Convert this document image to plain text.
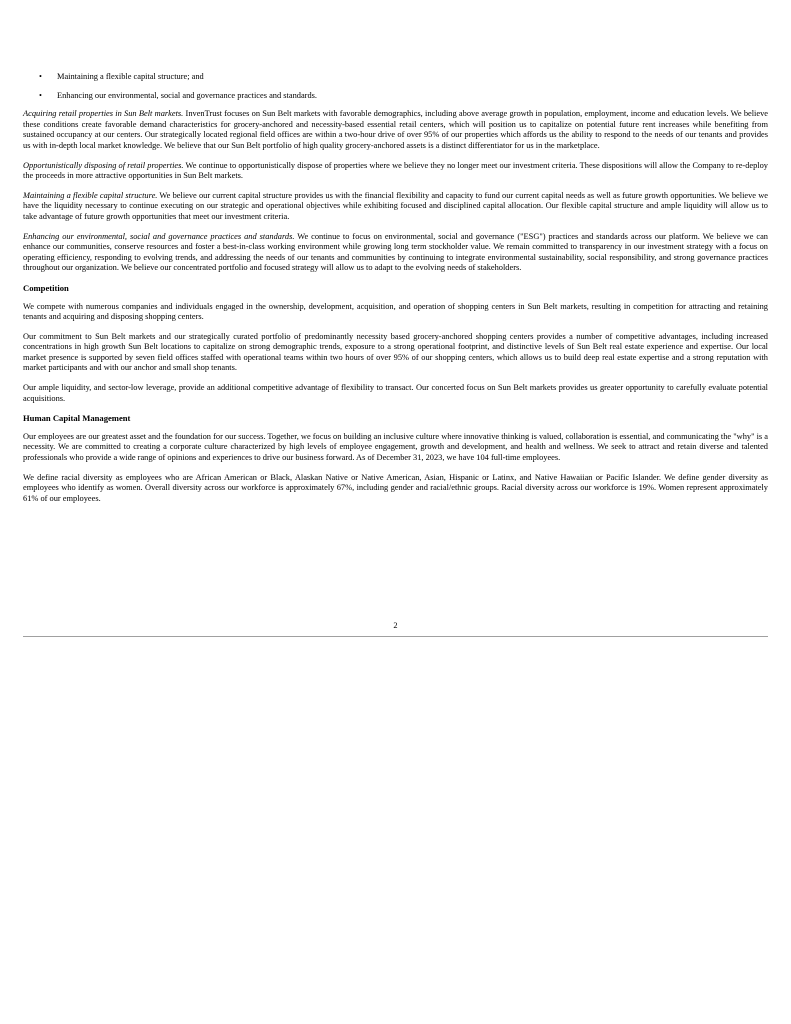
• Maintaining a flexible capital structure; and
• Enhancing our environmental, social and governance practices and standards.

Acquiring retail properties in Sun Belt markets. InvenTrust focuses on Sun Belt markets with favorable demographics, including above average growth in population, employment, income and education levels. We believe these conditions create favorable demand characteristics for grocery-anchored and necessity-based essential retail centers, which will position us to capitalize on potential future rent increases while benefiting from sustained occupancy at our centers. Our strategically located regional field offices are within a two-hour drive of over 95% of our properties which affords us the ability to respond to the needs of our tenants and provides us with in-depth local market knowledge. We believe that our Sun Belt portfolio of high quality grocery-anchored assets is a distinct differentiator for us in the marketplace.

Opportunistically disposing of retail properties. We continue to opportunistically dispose of properties where we believe they no longer meet our investment criteria. These dispositions will allow the Company to re-deploy the proceeds in more attractive opportunities in Sun Belt markets.

Maintaining a flexible capital structure. We believe our current capital structure provides us with the financial flexibility and capacity to fund our current capital needs as well as future growth opportunities. We believe we have the liquidity necessary to continue executing on our strategic and operational objectives while exhibiting focused and disciplined capital allocation. Our flexible capital structure and ample liquidity will allow us to take advantage of future growth opportunities that meet our investment criteria.

Enhancing our environmental, social and governance practices and standards. We continue to focus on environmental, social and governance ("ESG") practices and standards across our platform. We believe we can enhance our communities, conserve resources and foster a best-in-class working environment while growing long term stockholder value. We remain committed to transparency in our investment strategy with a focus on operating efficiency, responding to evolving trends, and addressing the needs of our tenants and communities by continuing to integrate environmental sustainability, social responsibility, and strong governance practices throughout our organization. We believe our concentrated portfolio and focused strategy will allow us to adapt to the evolving needs of stakeholders.

Competition

We compete with numerous companies and individuals engaged in the ownership, development, acquisition, and operation of shopping centers in Sun Belt markets, resulting in competition for attracting and retaining tenants and acquiring and disposing shopping centers.

Our commitment to Sun Belt markets and our strategically curated portfolio of predominantly necessity based grocery-anchored shopping centers provides a number of competitive advantages, including increased concentrations in high growth Sun Belt locations to capitalize on strong demographic trends, exposure to a strong operational footprint, and distinctive levels of Sun Belt real estate experience and expertise. Our local market presence is supported by seven field offices staffed with operational teams within two hours of over 95% of our shopping centers, which allows us to build deep real estate expertise and a strong reputation with market participants and with our anchor and small shop tenants.

Our ample liquidity, and sector-low leverage, provide an additional competitive advantage of flexibility to transact. Our concerted focus on Sun Belt markets provides us greater opportunity to carefully evaluate potential acquisitions.

Human Capital Management

Our employees are our greatest asset and the foundation for our success. Together, we focus on building an inclusive culture where innovative thinking is valued, collaboration is essential, and communicating the "why" is a necessity. We are committed to creating a corporate culture characterized by high levels of employee engagement, growth and development, and health and wellness. We seek to attract and retain diverse and talented professionals who provide a wide range of opinions and experiences to drive our business forward. As of December 31, 2023, we have 104 full-time employees.

We define racial diversity as employees who are African American or Black, Alaskan Native or Native American, Asian, Hispanic or Latinx, and Native Hawaiian or Pacific Islander. We define gender diversity as employees who identify as women. Overall diversity across our workforce is approximately 67%, including gender and racial/ethnic groups. Racial diversity across our workforce is 19%. Women represent approximately 61% of our employees.

2
